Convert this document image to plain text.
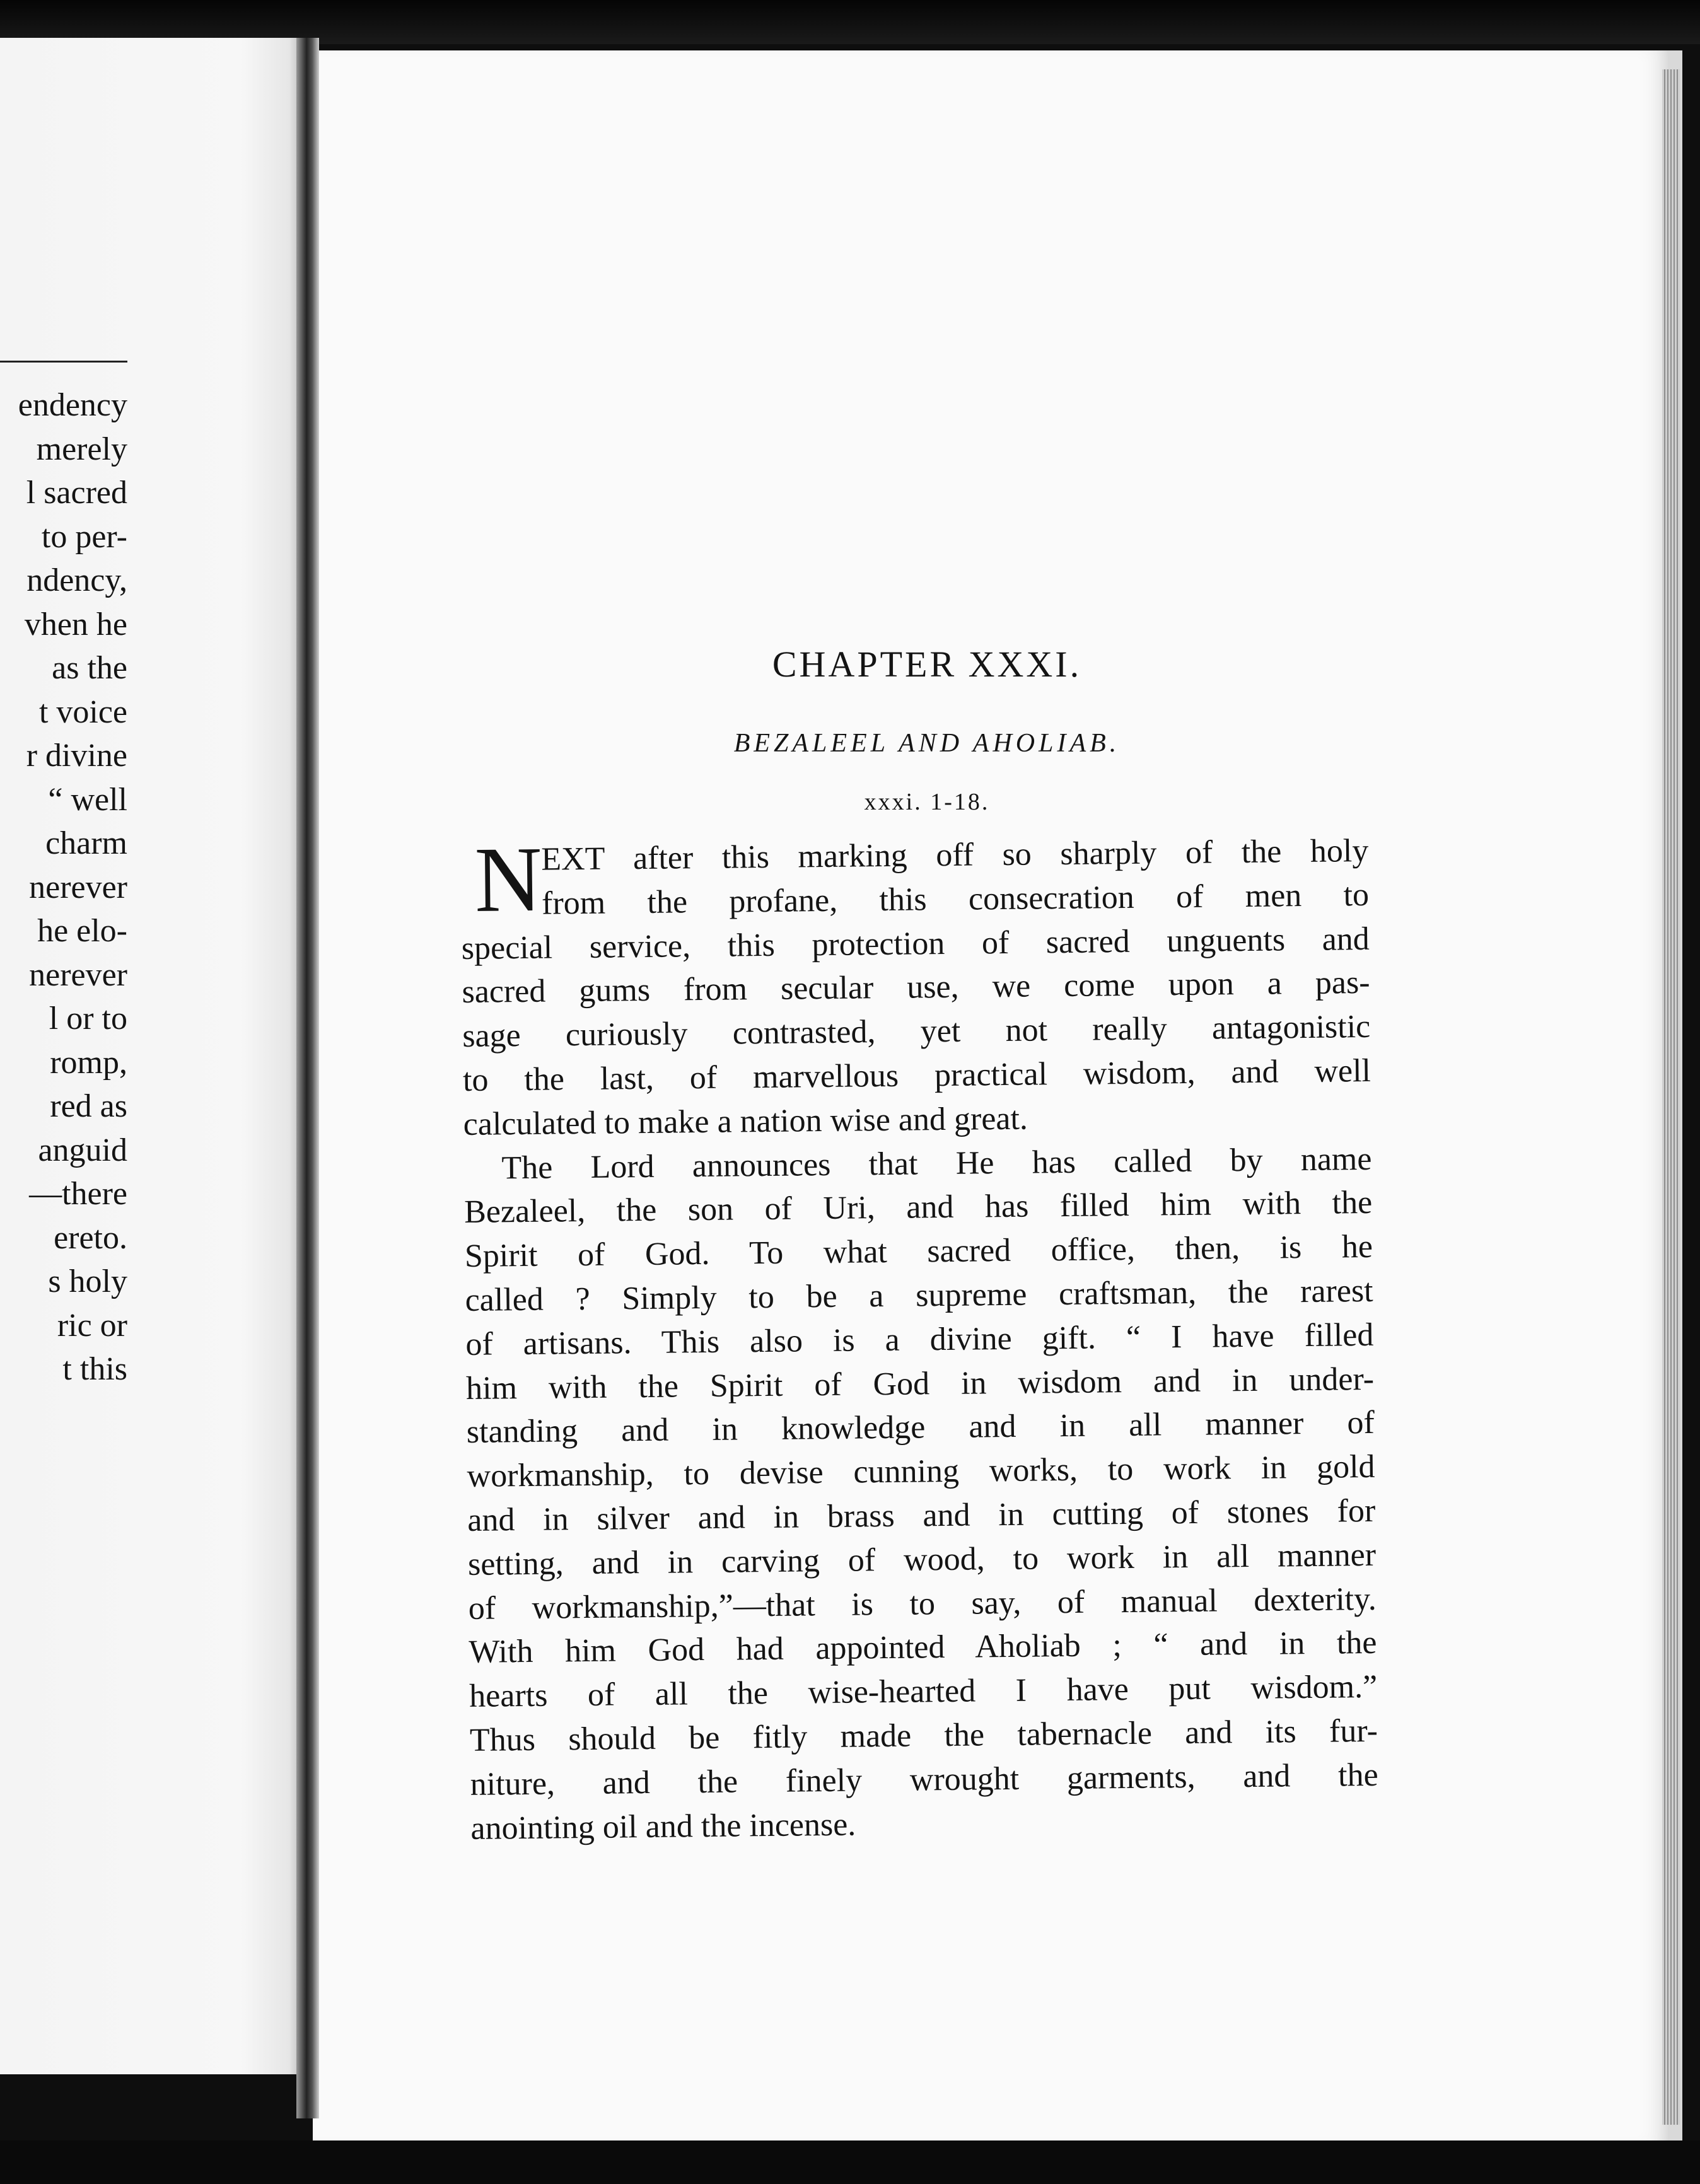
endency
merely
l sacred
to per-
ndency,
vhen he
as the
t voice
r divine
“ well
charm
nerever
he elo-
nerever
l or to
romp,
red as
anguid
—there
ereto.
s holy
ric or
t this
CHAPTER XXXI.
BEZALEEL AND AHOLIAB.
xxxi. 1-18.
N
EXT after this marking off so sharply of the holy
from the profane, this consecration of men to
special service, this protection of sacred unguents and
sacred gums from secular use, we come upon a pas-
sage curiously contrasted, yet not really antagonistic
to the last, of marvellous practical wisdom, and well
calculated to make a nation wise and great.
The Lord announces that He has called by name
Bezaleel, the son of Uri, and has filled him with the
Spirit of God. To what sacred office, then, is he
called ? Simply to be a supreme craftsman, the rarest
of artisans. This also is a divine gift. “ I have filled
him with the Spirit of God in wisdom and in under-
standing and in knowledge and in all manner of
workmanship, to devise cunning works, to work in gold
and in silver and in brass and in cutting of stones for
setting, and in carving of wood, to work in all manner
of workmanship,”—that is to say, of manual dexterity.
With him God had appointed Aholiab ; “ and in the
hearts of all the wise-hearted I have put wisdom.”
Thus should be fitly made the tabernacle and its fur-
niture, and the finely wrought garments, and the
anointing oil and the incense.
